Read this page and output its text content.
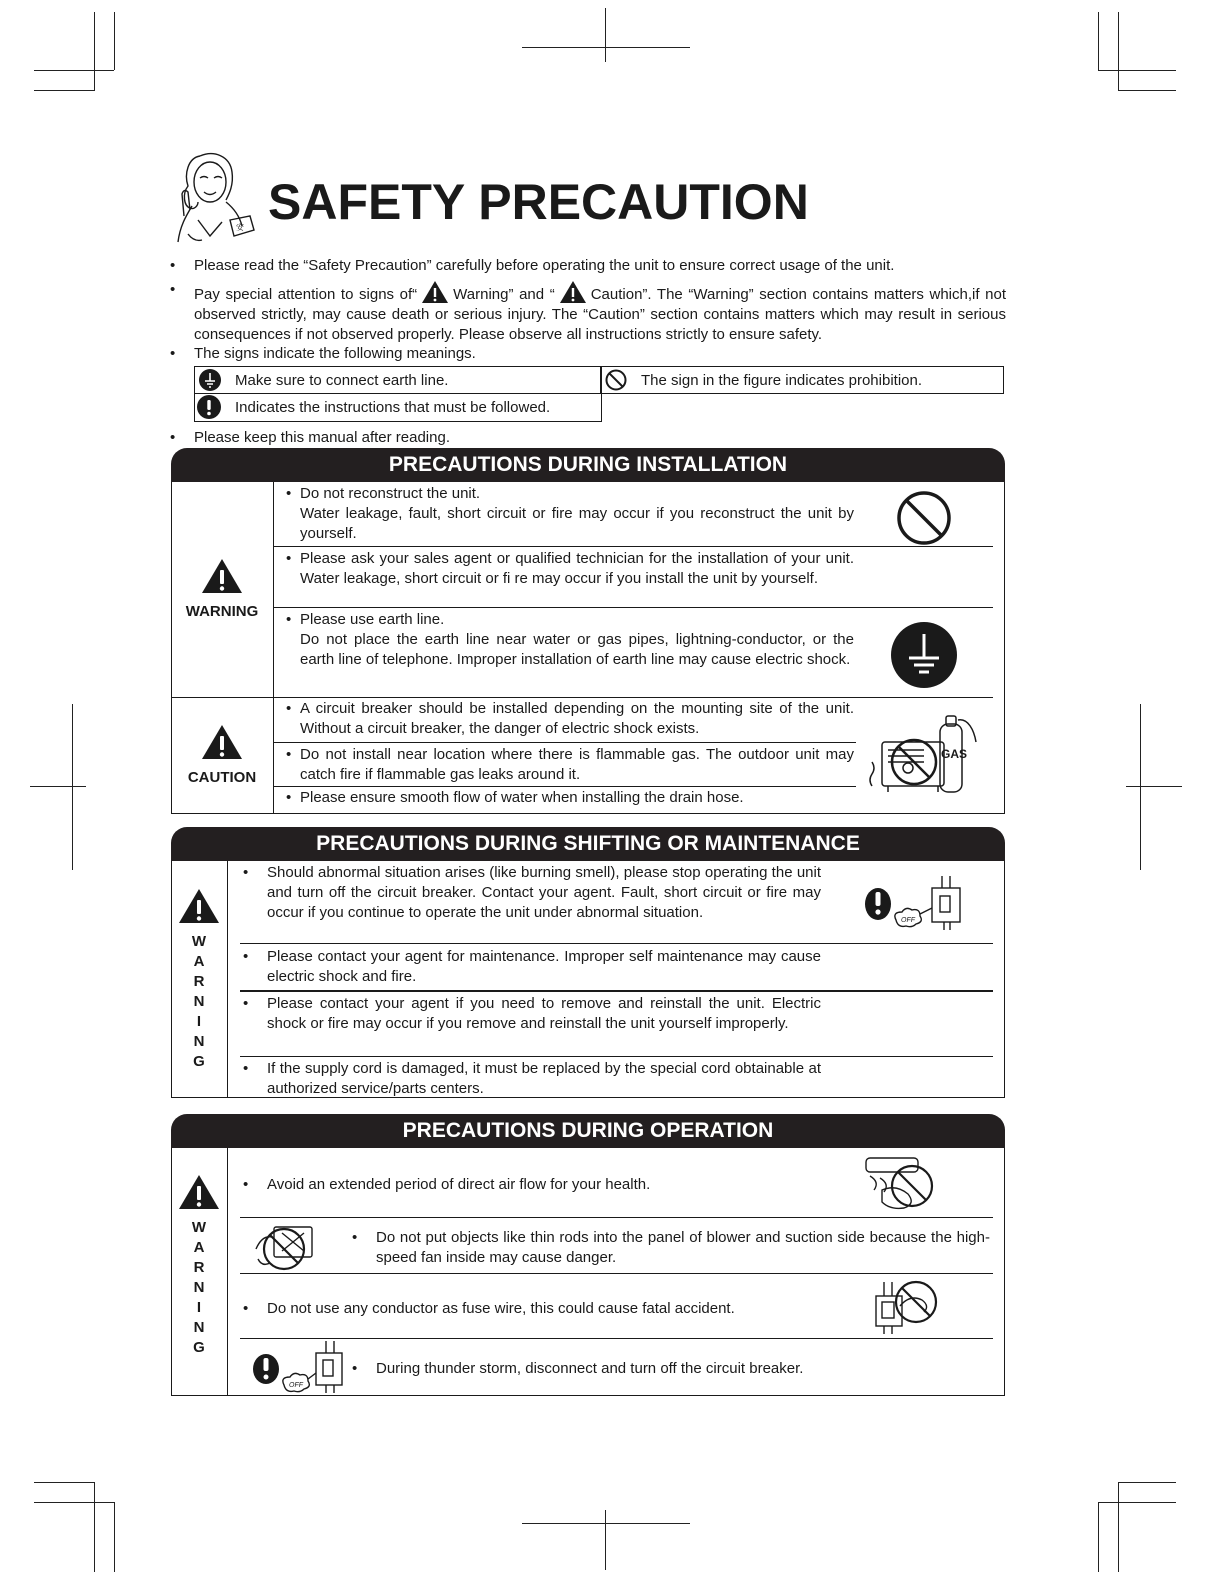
安 SAFETY PRECAUTION
• Please read the “Safety Precaution” carefully before operating the unit to ensure correct usage of the unit.
• Pay special attention to signs of“ Warning” and “ Caution”. The “Warning” section contains matters which,if not observed strictly, may cause death or serious injury. The “Caution” section contains matters which may result in serious consequences if not observed properly. Please observe all instructions strictly to ensure safety.
• The signs indicate the following meanings.
Make sure to connect earth line.	The sign in the figure indicates prohibition.
Indicates the instructions that must be followed.
• Please keep this manual after reading.
PRECAUTIONS DURING INSTALLATION
WARNING
CAUTION
• Do not reconstruct the unit.
Water leakage, fault, short circuit or fire may occur if you reconstruct the unit by yourself.
• Please ask your sales agent or qualified technician for the installation of your unit. Water leakage, short circuit or fi re may occur if you install the unit by yourself.
• Please use earth line.
Do not place the earth line near water or gas pipes, lightning-conductor, or the earth line of telephone. Improper installation of earth line may cause electric shock.
• A circuit breaker should be installed depending on the mounting site of the unit. Without a circuit breaker, the danger of electric shock exists.
• Do not install near location where there is flammable gas. The outdoor unit may catch fire if flammable gas leaks around it.
• Please ensure smooth flow of water when installing the drain hose.
GAS
PRECAUTIONS DURING SHIFTING OR MAINTENANCE
W
A
R
N
I
N
G
• Should abnormal situation arises (like burning smell), please stop operating the unit and turn off the circuit breaker. Contact your agent. Fault, short circuit or fire may occur if you continue to operate the unit under abnormal situation.
• Please contact your agent for maintenance. Improper self maintenance may cause electric shock and fire.
• Please contact your agent if you need to remove and reinstall the unit. Electric shock or fire may occur if you remove and reinstall the unit yourself improperly.
• If the supply cord is damaged, it must be replaced by the special cord obtainable at authorized service/parts centers.
OFF
PRECAUTIONS DURING OPERATION
W
A
R
N
I
N
G
• Avoid an extended period of direct air flow for your health.
• Do not put objects like thin rods into the panel of blower and suction side because the high-speed fan inside may cause danger.
• Do not use any conductor as fuse wire, this could cause fatal accident.
• During thunder storm, disconnect and turn off the circuit breaker.
OFF
